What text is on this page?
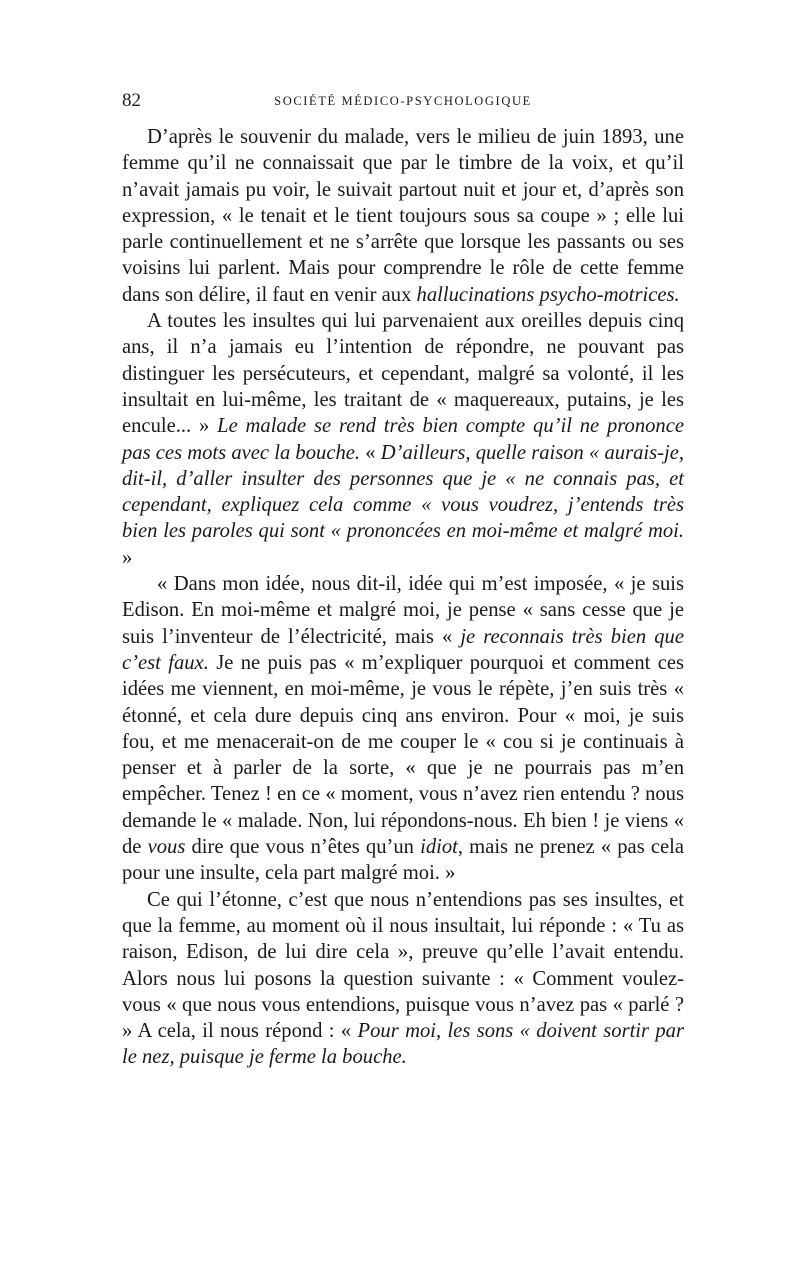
82	SOCIÉTÉ MÉDICO-PSYCHOLOGIQUE

D’après le souvenir du malade, vers le milieu de juin 1893, une femme qu’il ne connaissait que par le timbre de la voix, et qu’il n’avait jamais pu voir, le suivait partout nuit et jour et, d’après son expression, « le tenait et le tient toujours sous sa coupe » ; elle lui parle continuellement et ne s’arrête que lorsque les passants ou ses voisins lui parlent. Mais pour comprendre le rôle de cette femme dans son délire, il faut en venir aux hallucinations psycho-motrices.

A toutes les insultes qui lui parvenaient aux oreilles depuis cinq ans, il n’a jamais eu l’intention de répondre, ne pouvant pas distinguer les persécuteurs, et cependant, malgré sa volonté, il les insultait en lui-même, les traitant de « maquereaux, putains, je les encule... » Le malade se rend très bien compte qu’il ne prononce pas ces mots avec la bouche. « D’ailleurs, quelle raison « aurais-je, dit-il, d’aller insulter des personnes que je « ne connais pas, et cependant, expliquez cela comme « vous voudrez, j’entends très bien les paroles qui sont « prononcées en moi-même et malgré moi. »

« Dans mon idée, nous dit-il, idée qui m’est imposée, « je suis Edison. En moi-même et malgré moi, je pense « sans cesse que je suis l’inventeur de l’électricité, mais « je reconnais très bien que c’est faux. Je ne puis pas « m’expliquer pourquoi et comment ces idées me viennent, en moi-même, je vous le répète, j’en suis très « étonné, et cela dure depuis cinq ans environ. Pour « moi, je suis fou, et me menacerait-on de me couper le « cou si je continuais à penser et à parler de la sorte, « que je ne pourrais pas m’en empêcher. Tenez ! en ce « moment, vous n’avez rien entendu ? nous demande le « malade. Non, lui répondons-nous. Eh bien ! je viens « de vous dire que vous n’êtes qu’un idiot, mais ne prenez « pas cela pour une insulte, cela part malgré moi. »

Ce qui l’étonne, c’est que nous n’entendions pas ses insultes, et que la femme, au moment où il nous insultait, lui réponde : « Tu as raison, Edison, de lui dire cela », preuve qu’elle l’avait entendu. Alors nous lui posons la question suivante : « Comment voulez-vous « que nous vous entendions, puisque vous n’avez pas « parlé ? » A cela, il nous répond : « Pour moi, les sons « doivent sortir par le nez, puisque je ferme la bouche.
